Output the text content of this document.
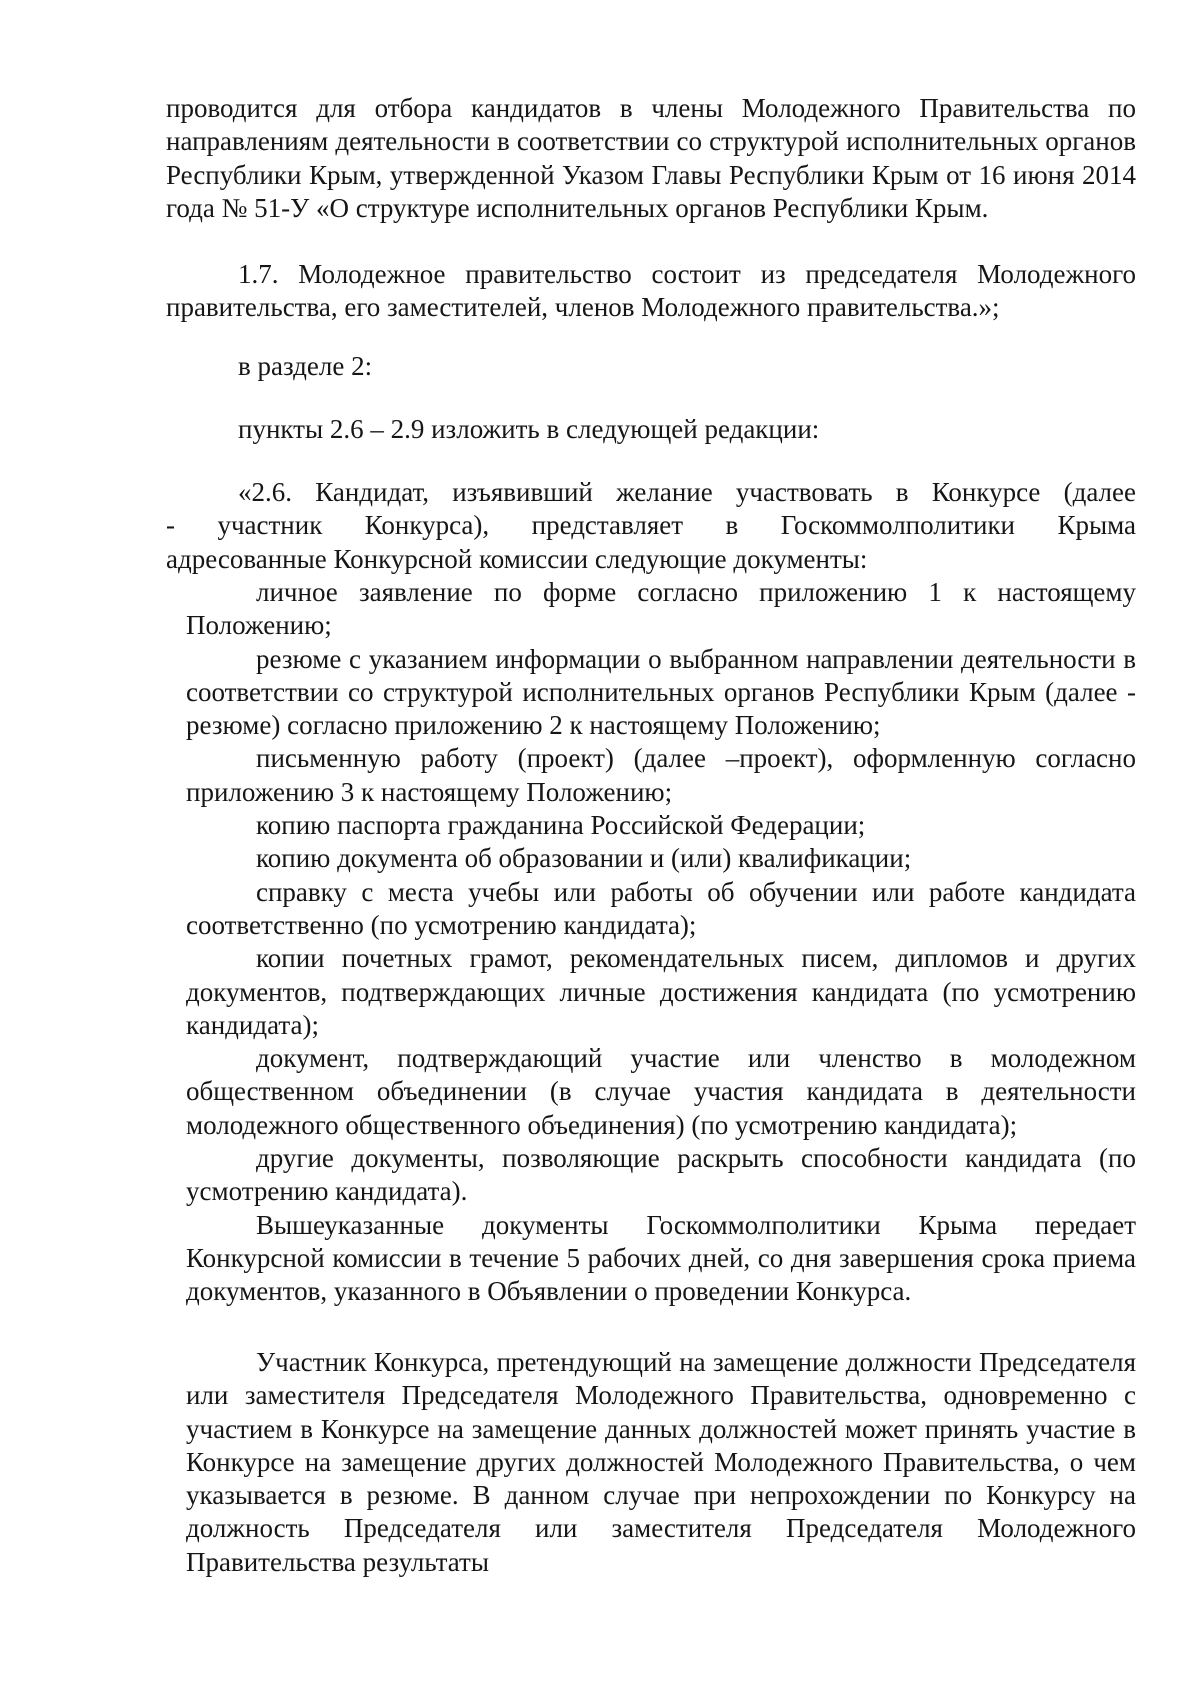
проводится для отбора кандидатов в члены Молодежного Правительства по направлениям деятельности в соответствии со структурой исполнительных органов Республики Крым, утвержденной Указом Главы Республики Крым от 16 июня 2014 года № 51-У «О структуре исполнительных органов Республики Крым.
1.7. Молодежное правительство состоит из председателя Молодежного правительства, его заместителей, членов Молодежного правительства.»;
в разделе 2:
пункты 2.6 – 2.9 изложить в следующей редакции:
«2.6. Кандидат, изъявивший желание участвовать в Конкурсе (далее
- участник Конкурса), представляет в Госкоммолполитики Крыма
адресованные Конкурсной комиссии следующие документы:
личное заявление по форме согласно приложению 1 к настоящему Положению;
резюме с указанием информации о выбранном направлении деятельности в соответствии со структурой исполнительных органов Республики Крым (далее - резюме) согласно приложению 2 к настоящему Положению;
письменную работу (проект) (далее –проект), оформленную согласно приложению 3 к настоящему Положению;
копию паспорта гражданина Российской Федерации;
копию документа об образовании и (или) квалификации;
справку с места учебы или работы об обучении или работе кандидата соответственно (по усмотрению кандидата);
копии почетных грамот, рекомендательных писем, дипломов и других документов, подтверждающих личные достижения кандидата (по усмотрению кандидата);
документ, подтверждающий участие или членство в молодежном общественном объединении (в случае участия кандидата в деятельности молодежного общественного объединения) (по усмотрению кандидата);
другие документы, позволяющие раскрыть способности кандидата (по усмотрению кандидата).
Вышеуказанные документы Госкоммолполитики Крыма передает Конкурсной комиссии в течение 5 рабочих дней, со дня завершения срока приема документов, указанного в Объявлении о проведении Конкурса.
Участник Конкурса, претендующий на замещение должности Председателя или заместителя Председателя Молодежного Правительства, одновременно с участием в Конкурсе на замещение данных должностей может принять участие в Конкурсе на замещение других должностей Молодежного Правительства, о чем указывается в резюме. В данном случае при непрохождении по Конкурсу на должность Председателя или заместителя Председателя Молодежного Правительства результаты
